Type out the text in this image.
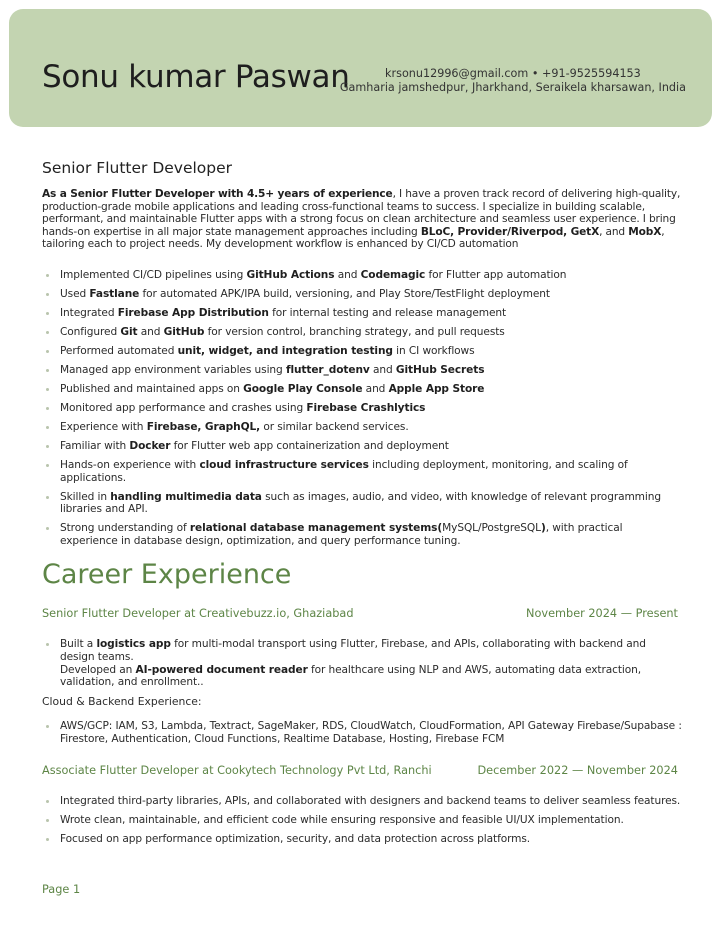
Sonu kumar Paswan	krsonu12996@gmail.com • +91-9525594153
Gamharia jamshedpur, Jharkhand, Seraikela kharsawan, India
Senior Flutter Developer
As a Senior Flutter Developer with 4.5+ years of experience, I have a proven track record of delivering high-quality, production-grade mobile applications and leading cross-functional teams to success. I specialize in building scalable, performant, and maintainable Flutter apps with a strong focus on clean architecture and seamless user experience. I bring hands-on expertise in all major state management approaches including BLoC, Provider/Riverpod, GetX, and MobX, tailoring each to project needs. My development workflow is enhanced by CI/CD automation
Implemented CI/CD pipelines using GitHub Actions and Codemagic for Flutter app automation
Used Fastlane for automated APK/IPA build, versioning, and Play Store/TestFlight deployment
Integrated Firebase App Distribution for internal testing and release management
Configured Git and GitHub for version control, branching strategy, and pull requests
Performed automated unit, widget, and integration testing in CI workflows
Managed app environment variables using flutter_dotenv and GitHub Secrets
Published and maintained apps on Google Play Console and Apple App Store
Monitored app performance and crashes using Firebase Crashlytics
Experience with Firebase, GraphQL, or similar backend services.
Familiar with Docker for Flutter web app containerization and deployment
Hands-on experience with cloud infrastructure services including deployment, monitoring, and scaling of applications.
Skilled in handling multimedia data such as images, audio, and video, with knowledge of relevant programming libraries and API.
Strong understanding of relational database management systems(MySQL/PostgreSQL), with practical experience in database design, optimization, and query performance tuning.
Career Experience
Senior Flutter Developer at Creativebuzz.io, Ghaziabad	November 2024 — Present
Built a logistics app for multi-modal transport using Flutter, Firebase, and APIs, collaborating with backend and design teams.
Developed an AI-powered document reader for healthcare using NLP and AWS, automating data extraction, validation, and enrollment..
Cloud & Backend Experience:
AWS/GCP: IAM, S3, Lambda, Textract, SageMaker, RDS, CloudWatch, CloudFormation, API Gateway Firebase/Supabase : Firestore, Authentication, Cloud Functions, Realtime Database, Hosting, Firebase FCM
Associate Flutter Developer at Cookytech Technology Pvt Ltd, Ranchi	December 2022 — November 2024
Integrated third-party libraries, APIs, and collaborated with designers and backend teams to deliver seamless features.
Wrote clean, maintainable, and efficient code while ensuring responsive and feasible UI/UX implementation.
Focused on app performance optimization, security, and data protection across platforms.
Page 1
